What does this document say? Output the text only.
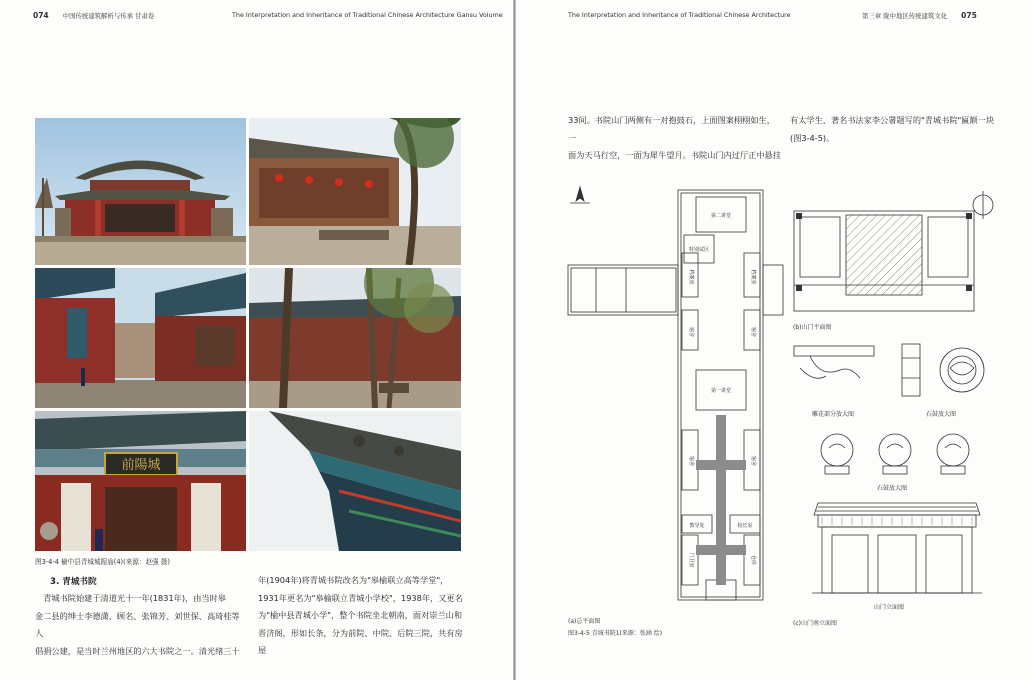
074 中国传统建筑解析与传承 甘肃卷	The Interpretation and Inheritance of Traditional Chinese Architecture Gansu Volume
前陽城
图3-4-4 榆中县青城城隍庙(4)(来源：赵强 摄)
3. 青城书院

青城书院始建于清道光十一年(1831年)，由当时皋

金二县的绅士李德潇、顾名、张锦芳、刘世保、高琦桂等人

倡捐公建，是当时兰州地区的六大书院之一。清光绪三十

年(1904年)将青城书院改名为"皋榆联立高等学堂"，

1931年更名为"皋榆联立青城小学校"，1938年，又更名

为"榆中县青城小学"，整个书院坐北朝南，面对崇兰山和

晋济阁，形如长条，分为前院、中院、后院三院，共有房屋

The Interpretation and Inheritance of Traditional Chinese Architecture	第三章 陇中地区传统建筑文化 075

33间。书院山门两侧有一对抱鼓石，上面图案栩栩如生，一

面为天马行空，一面为犀牛望月。书院山门内过厅正中悬挂

有太学生、著名书法家李公署题写的"青城书院"匾额一块

(图3-4-5)。

第二讲堂
特别试区
档案室	档案室
宿舍	宿舍
第一讲堂
宿舍	宿舍
教导处	校长室
门卫室	仓库
(a)总平面图
图3-4-5 青城书院1(来源：张涵 绘)
(b)山门平面图
雕花部分放大图	石鼓放大图
石鼓放大图
山门立面图
(c)山门南立面图
